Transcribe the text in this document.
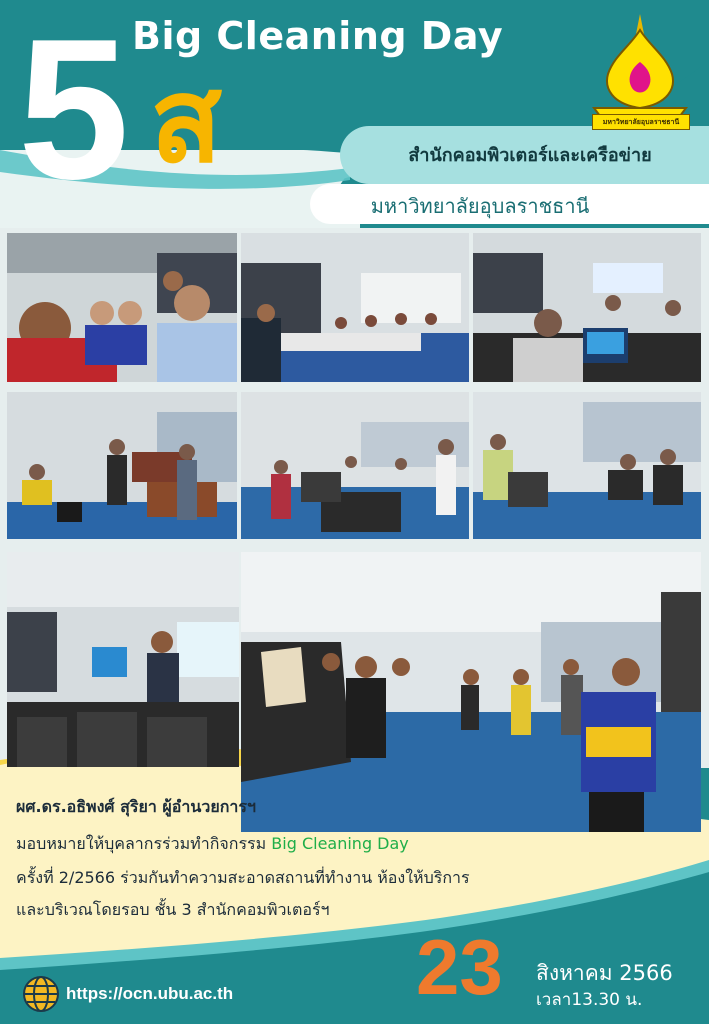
5 ส
Big Cleaning Day
สำนักคอมพิวเตอร์และเครือข่าย
มหาวิทยาลัยอุบลราชธานี
มหาวิทยาลัยอุบลราชธานี
ผศ.ดร.อธิพงศ์ สุริยา ผู้อำนวยการฯ
มอบหมายให้บุคลากรร่วมทำกิจกรรม Big Cleaning Day
ครั้งที่ 2/2566 ร่วมกันทำความสะอาดสถานที่ทำงาน ห้องให้บริการ
และบริเวณโดยรอบ ชั้น 3 สำนักคอมพิวเตอร์ฯ
23 สิงหาคม 2566
เวลา13.30 น.
https://ocn.ubu.ac.th
